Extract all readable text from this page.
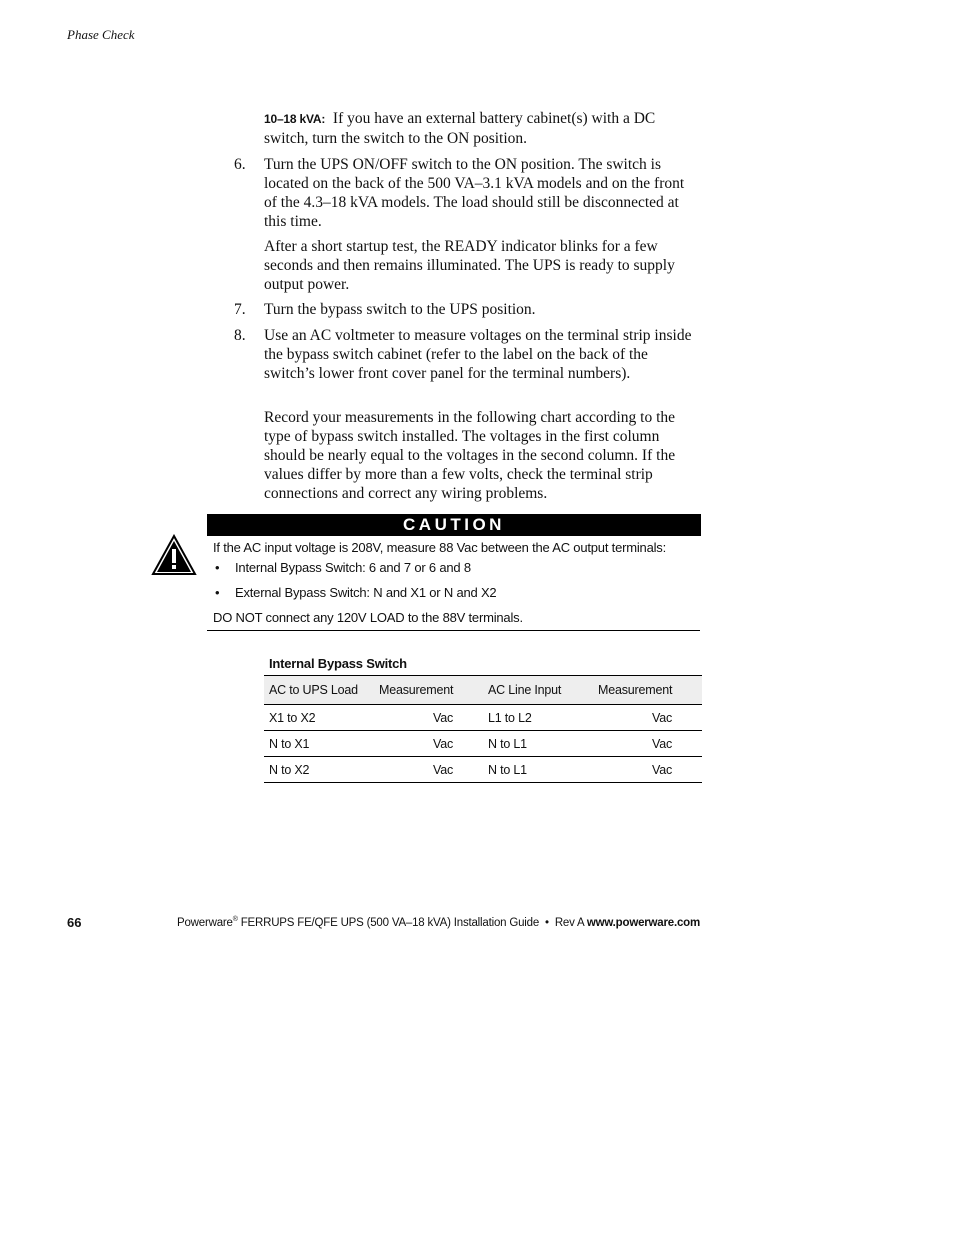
Phase Check
10–18 kVA: If you have an external battery cabinet(s) with a DC switch, turn the switch to the ON position.
6. Turn the UPS ON/OFF switch to the ON position. The switch is located on the back of the 500 VA–3.1 kVA models and on the front of the 4.3–18 kVA models. The load should still be disconnected at this time.
After a short startup test, the READY indicator blinks for a few seconds and then remains illuminated. The UPS is ready to supply output power.
7. Turn the bypass switch to the UPS position.
8. Use an AC voltmeter to measure voltages on the terminal strip inside the bypass switch cabinet (refer to the label on the back of the switch’s lower front cover panel for the terminal numbers).
Record your measurements in the following chart according to the type of bypass switch installed. The voltages in the first column should be nearly equal to the voltages in the second column. If the values differ by more than a few volts, check the terminal strip connections and correct any wiring problems.
CAUTION
If the AC input voltage is 208V, measure 88 Vac between the AC output terminals:
• Internal Bypass Switch: 6 and 7 or 6 and 8
• External Bypass Switch: N and X1 or N and X2
DO NOT connect any 120V LOAD to the 88V terminals.
Internal Bypass Switch
AC to UPS Load	Measurement	AC Line Input	Measurement
X1 to X2	Vac	L1 to L2	Vac
N to X1	Vac	N to L1	Vac
N to X2	Vac	N to L1	Vac
66	Powerware® FERRUPS FE/QFE UPS (500 VA–18 kVA) Installation Guide  •  Rev A www.powerware.com
